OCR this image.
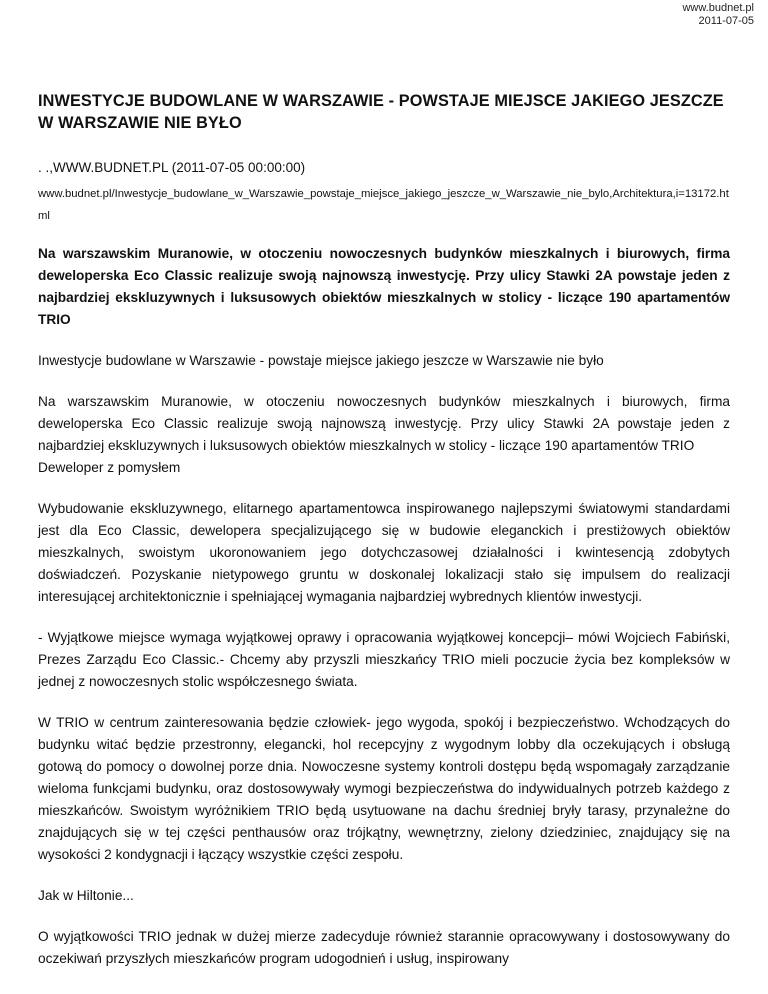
www.budnet.pl
2011-07-05
INWESTYCJE BUDOWLANE W WARSZAWIE - POWSTAJE MIEJSCE JAKIEGO JESZCZE W WARSZAWIE NIE BYŁO
. .,WWW.BUDNET.PL (2011-07-05 00:00:00)
www.budnet.pl/Inwestycje_budowlane_w_Warszawie_powstaje_miejsce_jakiego_jeszcze_w_Warszawie_nie_bylo,Architektura,i=13172.html
Na warszawskim Muranowie, w otoczeniu nowoczesnych budynków mieszkalnych i biurowych, firma deweloperska Eco Classic realizuje swoją najnowszą inwestycję. Przy ulicy Stawki 2A powstaje jeden z najbardziej ekskluzywnych i luksusowych obiektów mieszkalnych w stolicy - liczące 190 apartamentów TRIO

Inwestycje budowlane w Warszawie - powstaje miejsce jakiego jeszcze w Warszawie nie było

Na warszawskim Muranowie, w otoczeniu nowoczesnych budynków mieszkalnych i biurowych, firma deweloperska Eco Classic realizuje swoją najnowszą inwestycję. Przy ulicy Stawki 2A powstaje jeden z najbardziej ekskluzywnych i luksusowych obiektów mieszkalnych w stolicy - liczące 190 apartamentów TRIO
Deweloper z pomysłem

Wybudowanie ekskluzywnego, elitarnego apartamentowca inspirowanego najlepszymi światowymi standardami jest dla Eco Classic, dewelopera specjalizującego się w budowie eleganckich i prestiżowych obiektów mieszkalnych, swoistym ukoronowaniem jego dotychczasowej działalności i kwintesencją zdobytych doświadczeń. Pozyskanie nietypowego gruntu w doskonalej lokalizacji stało się impulsem do realizacji interesującej architektonicznie i spełniającej wymagania najbardziej wybrednych klientów inwestycji.

- Wyjątkowe miejsce wymaga wyjątkowej oprawy i opracowania wyjątkowej koncepcji– mówi Wojciech Fabiński, Prezes Zarządu Eco Classic.- Chcemy aby przyszli mieszkańcy TRIO mieli poczucie życia bez kompleksów w jednej z nowoczesnych stolic współczesnego świata.

W TRIO w centrum zainteresowania będzie człowiek- jego wygoda, spokój i bezpieczeństwo. Wchodzących do budynku witać będzie przestronny, elegancki, hol recepcyjny z wygodnym lobby dla oczekujących i obsługą gotową do pomocy o dowolnej porze dnia. Nowoczesne systemy kontroli dostępu będą wspomagały zarządzanie wieloma funkcjami budynku, oraz dostosowywały wymogi bezpieczeństwa do indywidualnych potrzeb każdego z mieszkańców. Swoistym wyróżnikiem TRIO będą usytuowane na dachu średniej bryły tarasy, przynależne do znajdujących się w tej części penthausów oraz trójkątny, wewnętrzny, zielony dziedziniec, znajdujący się na wysokości 2 kondygnacji i łączący wszystkie części zespołu.

Jak w Hiltonie...

O wyjątkowości TRIO jednak w dużej mierze zadecyduje również starannie opracowywany i dostosowywany do oczekiwań przyszłych mieszkańców program udogodnień i usług, inspirowany
